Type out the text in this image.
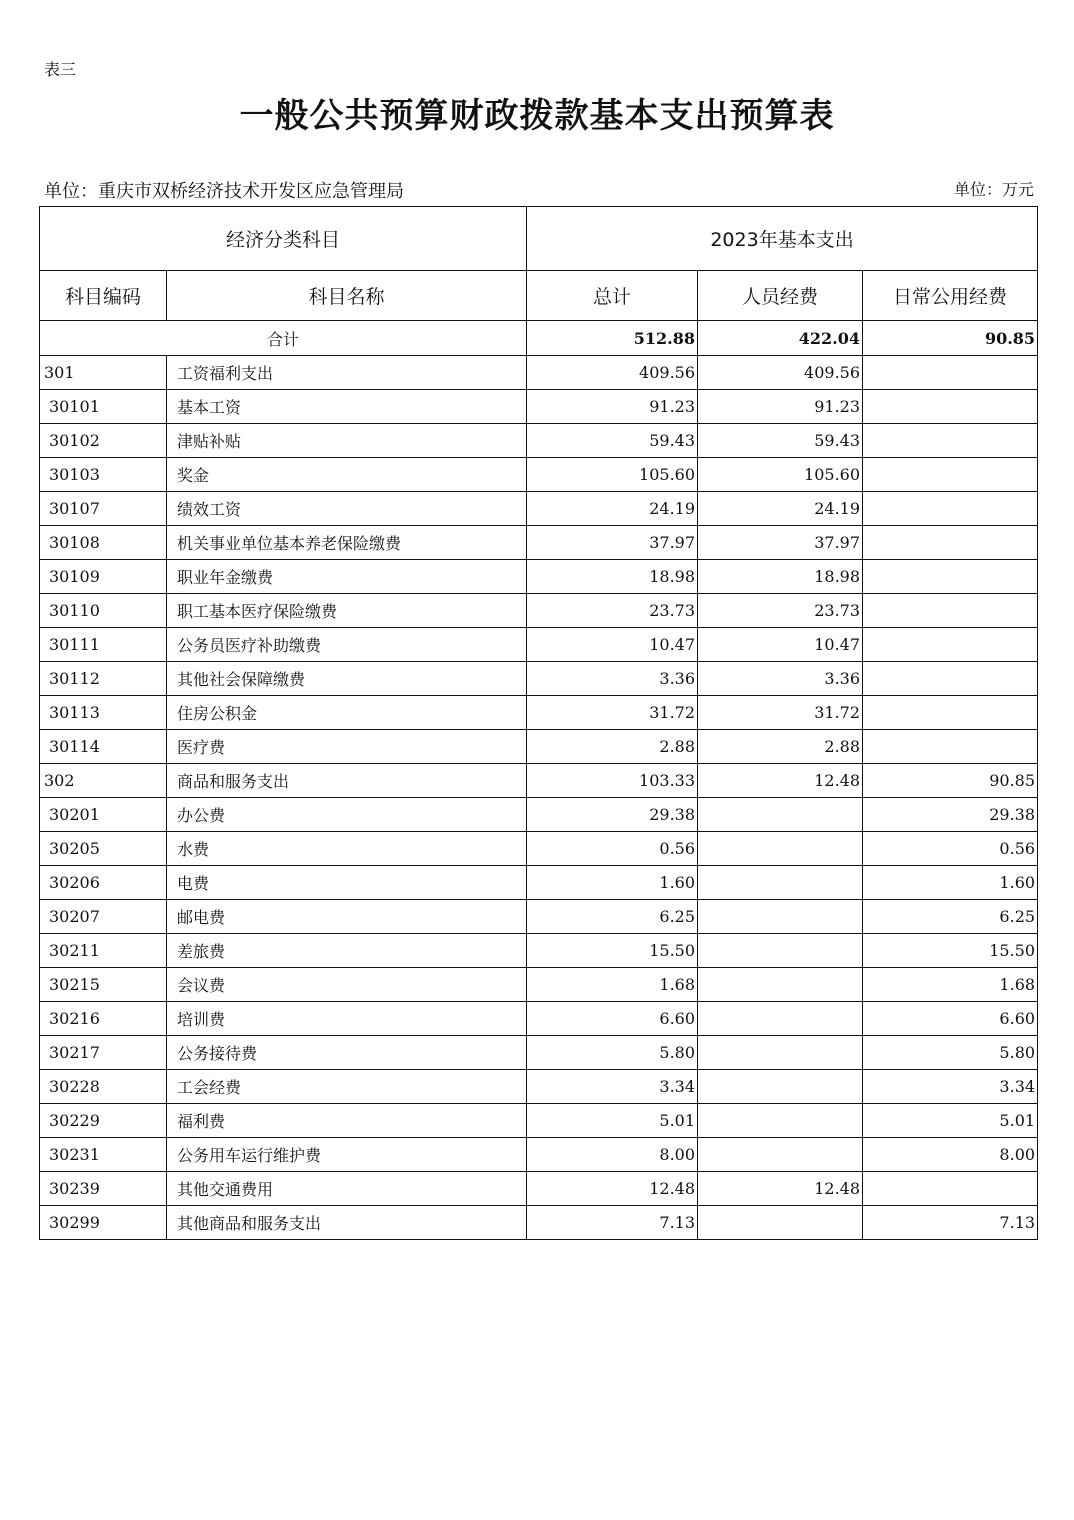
表三
一般公共预算财政拨款基本支出预算表
单位：重庆市双桥经济技术开发区应急管理局	单位：万元
经济分类科目		2023年基本支出		
科目编码	科目名称	总计	人员经费	日常公用经费
合计		512.88	422.04	90.85
301	工资福利支出	409.56	409.56	
30101	基本工资	91.23	91.23	
30102	津贴补贴	59.43	59.43	
30103	奖金	105.60	105.60	
30107	绩效工资	24.19	24.19	
30108	机关事业单位基本养老保险缴费	37.97	37.97	
30109	职业年金缴费	18.98	18.98	
30110	职工基本医疗保险缴费	23.73	23.73	
30111	公务员医疗补助缴费	10.47	10.47	
30112	其他社会保障缴费	3.36	3.36	
30113	住房公积金	31.72	31.72	
30114	医疗费	2.88	2.88	
302	商品和服务支出	103.33	12.48	90.85
30201	办公费	29.38		29.38
30205	水费	0.56		0.56
30206	电费	1.60		1.60
30207	邮电费	6.25		6.25
30211	差旅费	15.50		15.50
30215	会议费	1.68		1.68
30216	培训费	6.60		6.60
30217	公务接待费	5.80		5.80
30228	工会经费	3.34		3.34
30229	福利费	5.01		5.01
30231	公务用车运行维护费	8.00		8.00
30239	其他交通费用	12.48	12.48	
30299	其他商品和服务支出	7.13		7.13
